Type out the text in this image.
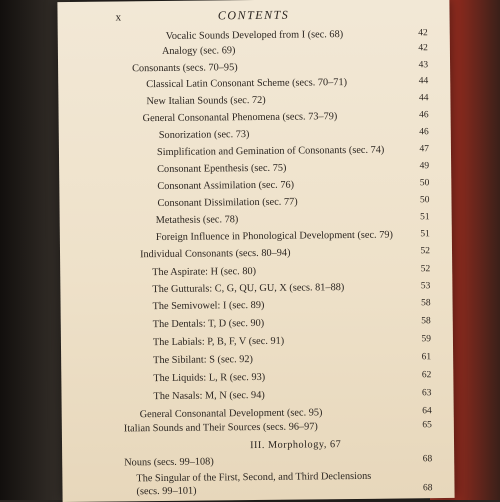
x	CONTENTS
Vocalic Sounds Developed from I (sec. 68)	42
Analogy (sec. 69)	42
Consonants (secs. 70–95)	43
Classical Latin Consonant Scheme (secs. 70–71)	44
New Italian Sounds (sec. 72)	44
General Consonantal Phenomena (secs. 73–79)	46
Sonorization (sec. 73)	46
Simplification and Gemination of Consonants (sec. 74)	47
Consonant Epenthesis (sec. 75)	49
Consonant Assimilation (sec. 76)	50
Consonant Dissimilation (sec. 77)	50
Metathesis (sec. 78)	51
Foreign Influence in Phonological Development (sec. 79)	51
Individual Consonants (secs. 80–94)	52
The Aspirate: H (sec. 80)	52
The Gutturals: C, G, QU, GU, X (secs. 81–88)	53
The Semivowel: I (sec. 89)	58
The Dentals: T, D (sec. 90)	58
The Labials: P, B, F, V (sec. 91)	59
The Sibilant: S (sec. 92)	61
The Liquids: L, R (sec. 93)	62
The Nasals: M, N (sec. 94)	63
General Consonantal Development (sec. 95)	64
Italian Sounds and Their Sources (secs. 96–97)	65
III. Morphology, 67
Nouns (secs. 99–108)	68
The Singular of the First, Second, and Third Declensions (secs. 99–101)	68
